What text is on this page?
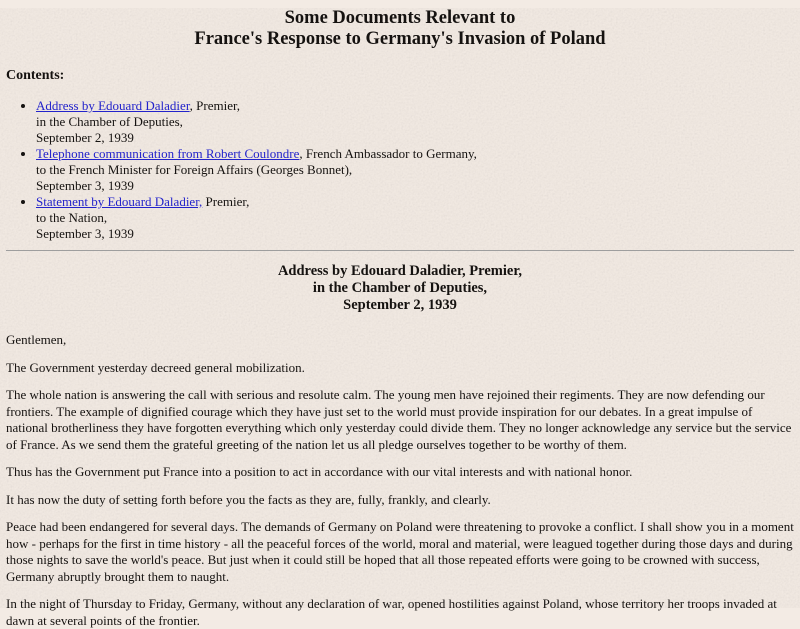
Some Documents Relevant to
France's Response to Germany's Invasion of Poland

Contents:

• Address by Edouard Daladier, Premier,
in the Chamber of Deputies,
September 2, 1939
• Telephone communication from Robert Coulondre, French Ambassador to Germany,
to the French Minister for Foreign Affairs (Georges Bonnet),
September 3, 1939
• Statement by Edouard Daladier, Premier,
to the Nation,
September 3, 1939
Address by Edouard Daladier, Premier,
in the Chamber of Deputies,
September 2, 1939

Gentlemen,

The Government yesterday decreed general mobilization.

The whole nation is answering the call with serious and resolute calm. The young men have rejoined their regiments. They are now defending our frontiers. The example of dignified courage which they have just set to the world must provide inspiration for our debates. In a great impulse of national brotherliness they have forgotten everything which only yesterday could divide them. They no longer acknowledge any service but the service of France. As we send them the grateful greeting of the nation let us all pledge ourselves together to be worthy of them.

Thus has the Government put France into a position to act in accordance with our vital interests and with national honor.

It has now the duty of setting forth before you the facts as they are, fully, frankly, and clearly.

Peace had been endangered for several days. The demands of Germany on Poland were threatening to provoke a conflict. I shall show you in a moment how - perhaps for the first in time history - all the peaceful forces of the world, moral and material, were leagued together during those days and during those nights to save the world's peace. But just when it could still be hoped that all those repeated efforts were going to be crowned with success, Germany abruptly brought them to naught.

In the night of Thursday to Friday, Germany, without any declaration of war, opened hostilities against Poland, whose territory her troops invaded at dawn at several points of the frontier.
